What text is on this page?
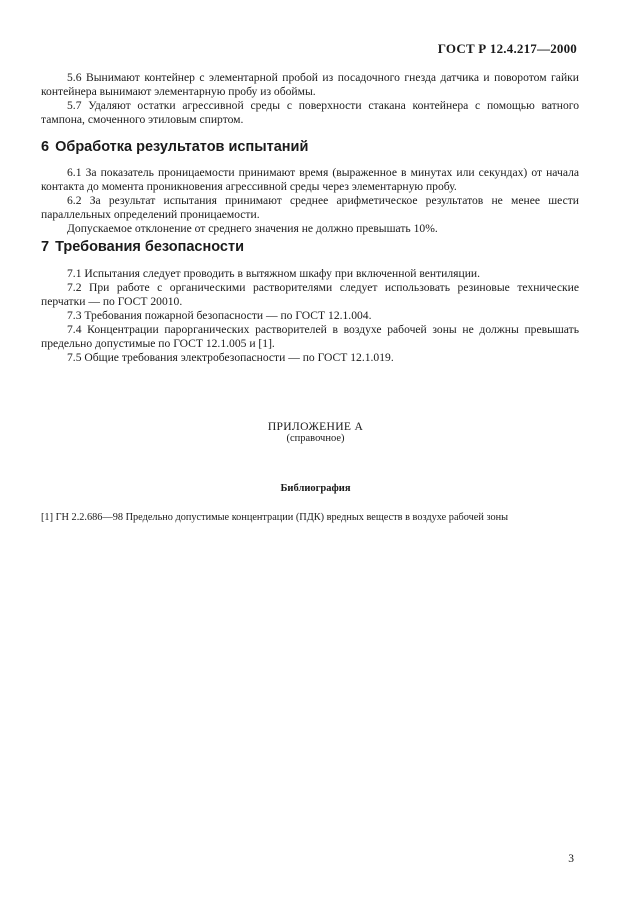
ГОСТ Р 12.4.217—2000

5.6 Вынимают контейнер с элементарной пробой из посадочного гнезда датчика и поворотом гайки контейнера вынимают элементарную пробу из обоймы.

5.7 Удаляют остатки агрессивной среды с поверхности стакана контейнера с помощью ватного тампона, смоченного этиловым спиртом.

6 Обработка результатов испытаний

6.1 За показатель проницаемости принимают время (выраженное в минутах или секундах) от начала контакта до момента проникновения агрессивной среды через элементарную пробу.

6.2 За результат испытания принимают среднее арифметическое результатов не менее шести параллельных определений проницаемости.

Допускаемое отклонение от среднего значения не должно превышать 10%.

7 Требования безопасности

7.1 Испытания следует проводить в вытяжном шкафу при включенной вентиляции.

7.2 При работе с органическими растворителями следует использовать резиновые технические перчатки — по ГОСТ 20010.

7.3 Требования пожарной безопасности — по ГОСТ 12.1.004.

7.4 Концентрации парорганических растворителей в воздухе рабочей зоны не должны превышать предельно допустимые по ГОСТ 12.1.005 и [1].

7.5 Общие требования электробезопасности — по ГОСТ 12.1.019.

ПРИЛОЖЕНИЕ А
(справочное)
Библиография
[1] ГН 2.2.686—98 Предельно допустимые концентрации (ПДК) вредных веществ в воздухе рабочей зоны
3
